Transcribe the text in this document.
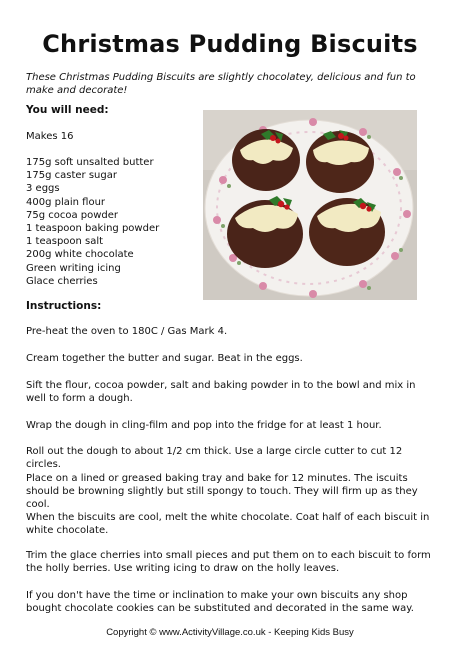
Christmas Pudding Biscuits
These Christmas Pudding Biscuits are slightly chocolatey, delicious and fun to make and decorate!
You will need:
Makes 16
175g soft unsalted butter
175g caster sugar
3 eggs
400g plain flour
75g cocoa powder
1 teaspoon baking powder
1 teaspoon salt
200g white chocolate
Green writing icing
Glace cherries
Instructions:
Pre-heat the oven to 180C / Gas Mark 4.
Cream together the butter and sugar. Beat in the eggs.
Sift the flour, cocoa powder, salt and baking powder in to the bowl and mix in well to form a dough.
Wrap the dough in cling-film and pop into the fridge for at least 1 hour.
Roll out the dough to about 1/2 cm thick. Use a large circle cutter to cut 12 circles.
Place on a lined or greased baking tray and bake for 12 minutes. The iscuits should be browning slightly but still spongy to touch. They will firm up as they cool.
When the biscuits are cool, melt the white chocolate. Coat half of each biscuit in white chocolate.
Trim the glace cherries into small pieces and put them on to each biscuit to form the holly berries. Use writing icing to draw on the holly leaves.
If you don't have the time or inclination to make your own biscuits any shop bought chocolate cookies can be substituted and decorated in the same way.
Copyright © www.ActivityVillage.co.uk - Keeping Kids Busy
